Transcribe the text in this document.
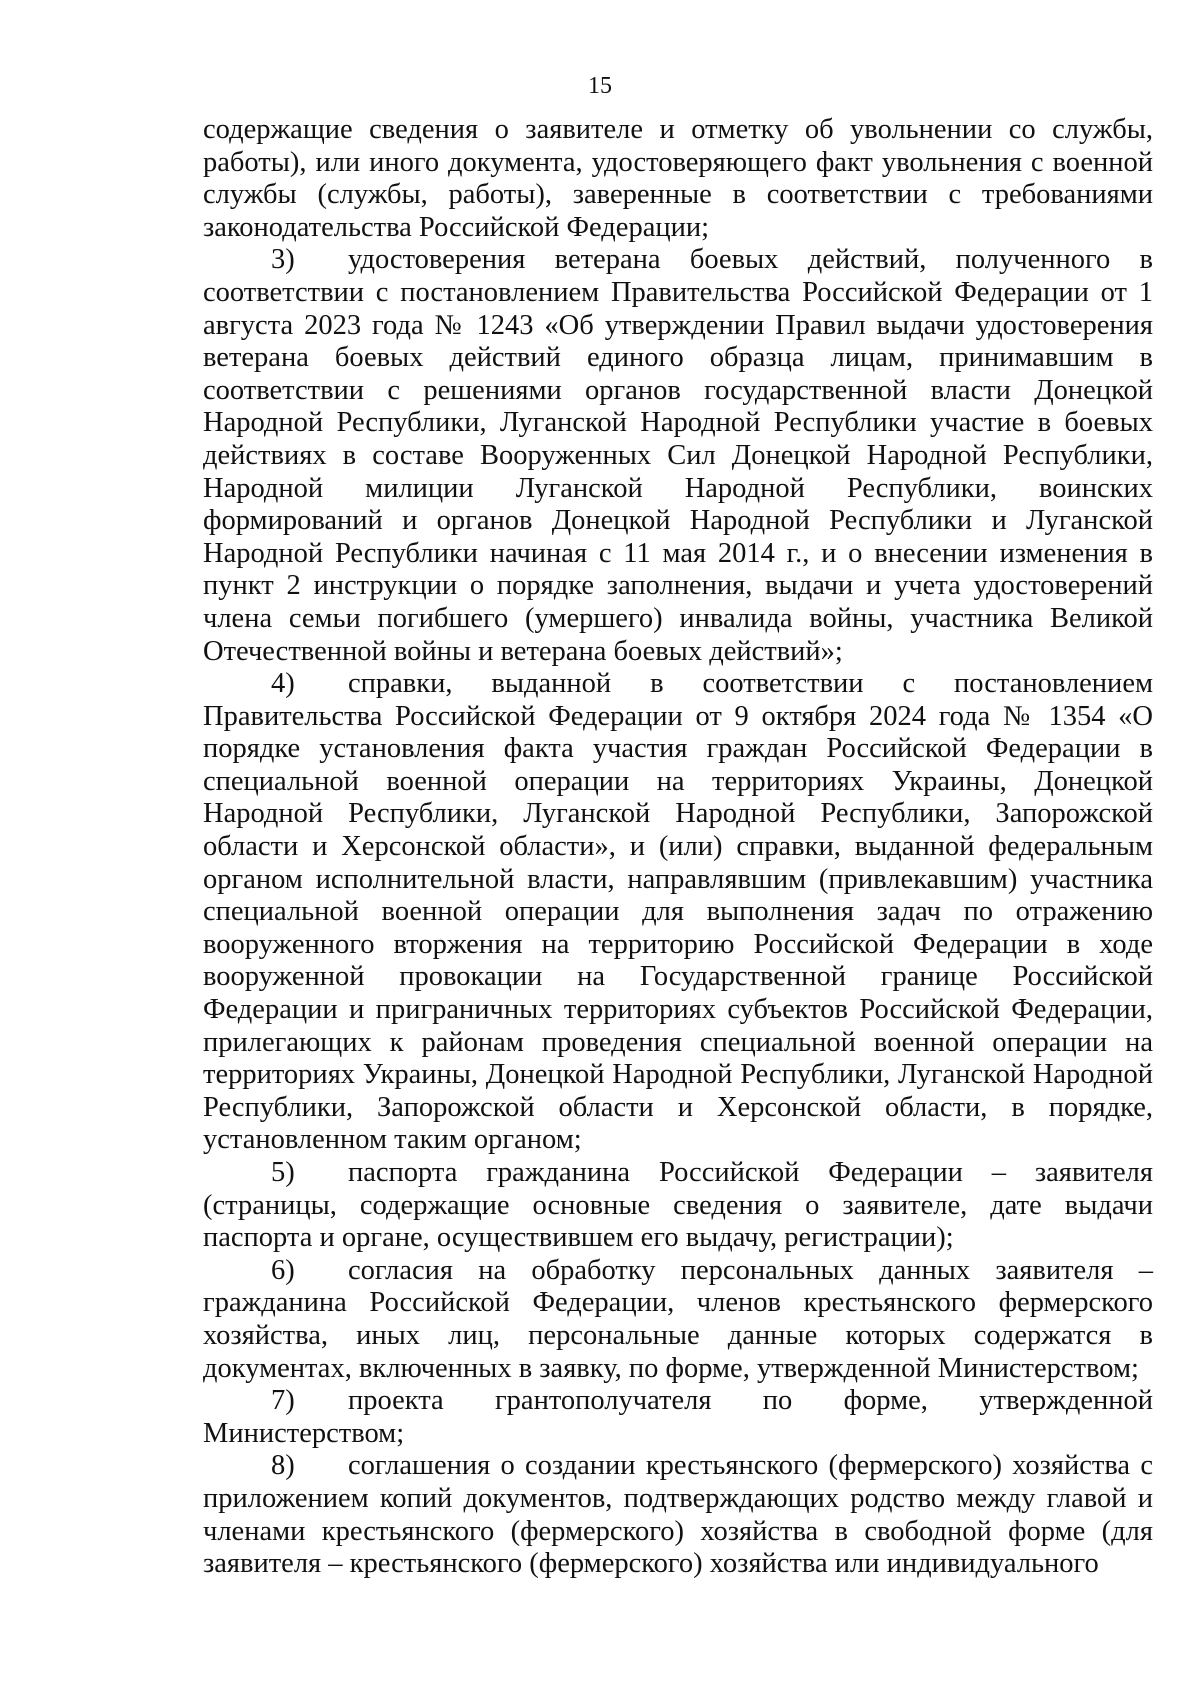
15

содержащие сведения о заявителе и отметку об увольнении со службы, работы), или иного документа, удостоверяющего факт увольнения с военной службы (службы, работы), заверенные в соответствии с требованиями законодательства Российской Федерации;

3) удостоверения ветерана боевых действий, полученного в соответствии с постановлением Правительства Российской Федерации от 1 августа 2023 года № 1243 «Об утверждении Правил выдачи удостоверения ветерана боевых действий единого образца лицам, принимавшим в соответствии с решениями органов государственной власти Донецкой Народной Республики, Луганской Народной Республики участие в боевых действиях в составе Вооруженных Сил Донецкой Народной Республики, Народной милиции Луганской Народной Республики, воинских формирований и органов Донецкой Народной Республики и Луганской Народной Республики начиная с 11 мая 2014 г., и о внесении изменения в пункт 2 инструкции о порядке заполнения, выдачи и учета удостоверений члена семьи погибшего (умершего) инвалида войны, участника Великой Отечественной войны и ветерана боевых действий»;

4) справки, выданной в соответствии с постановлением Правительства Российской Федерации от 9 октября 2024 года № 1354 «О порядке установления факта участия граждан Российской Федерации в специальной военной операции на территориях Украины, Донецкой Народной Республики, Луганской Народной Республики, Запорожской области и Херсонской области», и (или) справки, выданной федеральным органом исполнительной власти, направлявшим (привлекавшим) участника специальной военной операции для выполнения задач по отражению вооруженного вторжения на территорию Российской Федерации в ходе вооруженной провокации на Государственной границе Российской Федерации и приграничных территориях субъектов Российской Федерации, прилегающих к районам проведения специальной военной операции на территориях Украины, Донецкой Народной Республики, Луганской Народной Республики, Запорожской области и Херсонской области, в порядке, установленном таким органом;

5) паспорта гражданина Российской Федерации – заявителя (страницы, содержащие основные сведения о заявителе, дате выдачи паспорта и органе, осуществившем его выдачу, регистрации);

6) согласия на обработку персональных данных заявителя – гражданина Российской Федерации, членов крестьянского фермерского хозяйства, иных лиц, персональные данные которых содержатся в документах, включенных в заявку, по форме, утвержденной Министерством;

7) проекта грантополучателя по форме, утвержденной Министерством;

8) соглашения о создании крестьянского (фермерского) хозяйства с приложением копий документов, подтверждающих родство между главой и членами крестьянского (фермерского) хозяйства в свободной форме (для заявителя – крестьянского (фермерского) хозяйства или индивидуального
